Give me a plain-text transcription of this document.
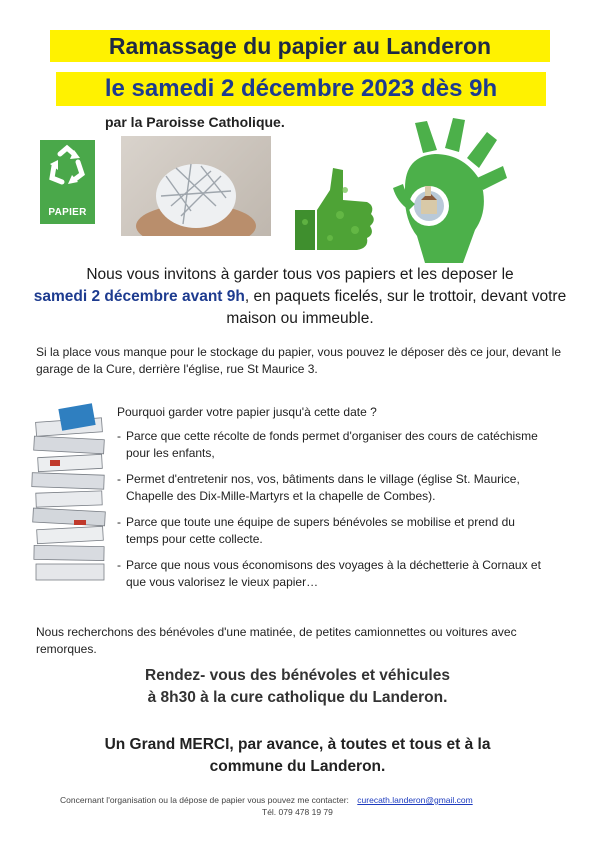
Ramassage du papier au Landeron
le samedi 2 décembre 2023 dès 9h
par la Paroisse Catholique.
PAPIER
Nous vous invitons à garder tous vos papiers et les deposer le
samedi 2 décembre avant 9h, en paquets ficelés, sur le trottoir, devant votre maison ou immeuble.
Si la place vous manque pour le stockage du papier, vous pouvez le déposer dès ce jour, devant le garage de la Cure, derrière l'église, rue St Maurice 3.
Pourquoi garder votre papier jusqu'à cette date ?
- Parce que cette récolte de fonds permet d'organiser des cours de catéchisme pour les enfants,
- Permet d'entretenir nos, vos, bâtiments dans le village (église St. Maurice, Chapelle des Dix-Mille-Martyrs et la chapelle de Combes).
- Parce que toute une équipe de supers bénévoles se mobilise et prend du temps pour cette collecte.
- Parce que nous vous économisons des voyages à la déchetterie à Cornaux et que vous valorisez le vieux papier…
Nous recherchons des bénévoles d'une matinée, de petites camionnettes ou voitures avec remorques.
Rendez- vous des bénévoles et véhicules
à 8h30 à la cure catholique du Landeron.
Un Grand MERCI, par avance, à toutes et tous et à la
commune du Landeron.
Concernant l'organisation ou la dépose de papier vous pouvez me contacter: curecath.landeron@gmail.com
Tél. 079 478 19 79
